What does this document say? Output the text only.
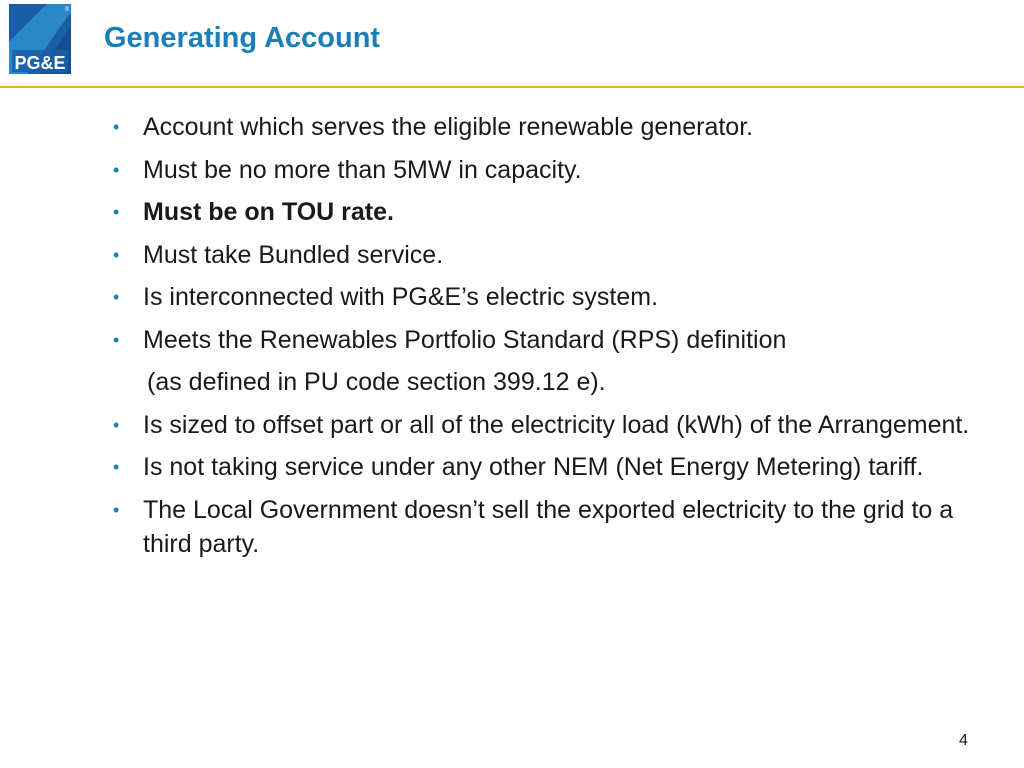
PG&E
®
Generating Account
• Account which serves the eligible renewable generator.
• Must be no more than 5MW in capacity.
• Must be on TOU rate.
• Must take Bundled service.
• Is interconnected with PG&E’s electric system.
• Meets the Renewables Portfolio Standard (RPS) definition
(as defined in PU code section 399.12 e).
• Is sized to offset part or all of the electricity load (kWh) of the Arrangement.
• Is not taking service under any other NEM (Net Energy Metering) tariff.
• The Local Government doesn’t sell the exported electricity to the grid to a third party.
4
